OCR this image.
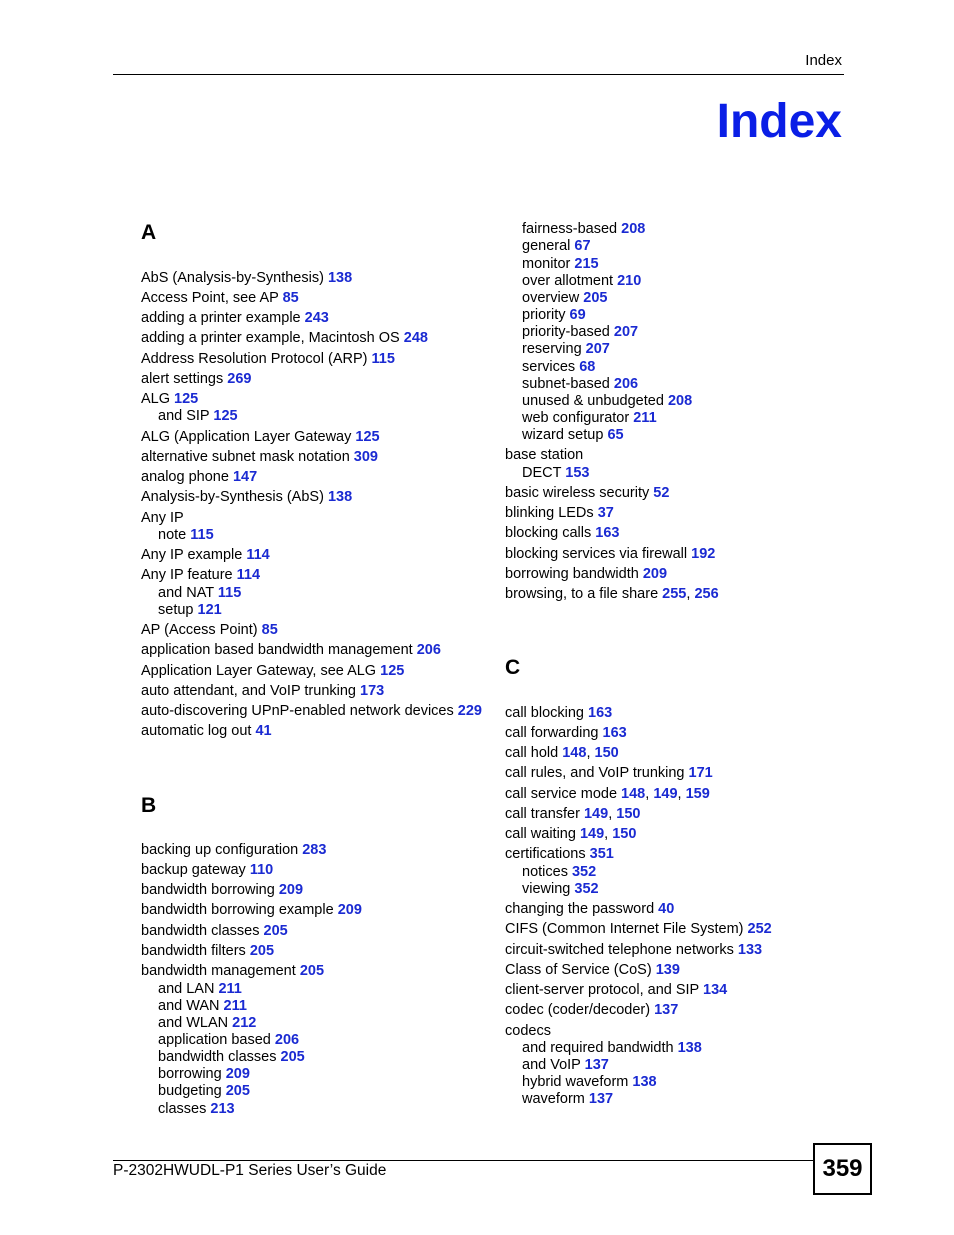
Index
Index
P-2302HWUDL-P1 Series User’s Guide	359
A
AbS (Analysis-by-Synthesis) 138
Access Point, see AP 85
adding a printer example 243
adding a printer example, Macintosh OS 248
Address Resolution Protocol (ARP) 115
alert settings 269
ALG 125
and SIP 125
ALG (Application Layer Gateway 125
alternative subnet mask notation 309
analog phone 147
Analysis-by-Synthesis (AbS) 138
Any IP
note 115
Any IP example 114
Any IP feature 114
and NAT 115
setup 121
AP (Access Point) 85
application based bandwidth management 206
Application Layer Gateway, see ALG 125
auto attendant, and VoIP trunking 173
auto-discovering UPnP-enabled network devices 229
automatic log out 41
B
backing up configuration 283
backup gateway 110
bandwidth borrowing 209
bandwidth borrowing example 209
bandwidth classes 205
bandwidth filters 205
bandwidth management 205
and LAN 211
and WAN 211
and WLAN 212
application based 206
bandwidth classes 205
borrowing 209
budgeting 205
classes 213
fairness-based 208
general 67
monitor 215
over allotment 210
overview 205
priority 69
priority-based 207
reserving 207
services 68
subnet-based 206
unused & unbudgeted 208
web configurator 211
wizard setup 65
base station
DECT 153
basic wireless security 52
blinking LEDs 37
blocking calls 163
blocking services via firewall 192
borrowing bandwidth 209
browsing, to a file share 255, 256
C
call blocking 163
call forwarding 163
call hold 148, 150
call rules, and VoIP trunking 171
call service mode 148, 149, 159
call transfer 149, 150
call waiting 149, 150
certifications 351
notices 352
viewing 352
changing the password 40
CIFS (Common Internet File System) 252
circuit-switched telephone networks 133
Class of Service (CoS) 139
client-server protocol, and SIP 134
codec (coder/decoder) 137
codecs
and required bandwidth 138
and VoIP 137
hybrid waveform 138
waveform 137
